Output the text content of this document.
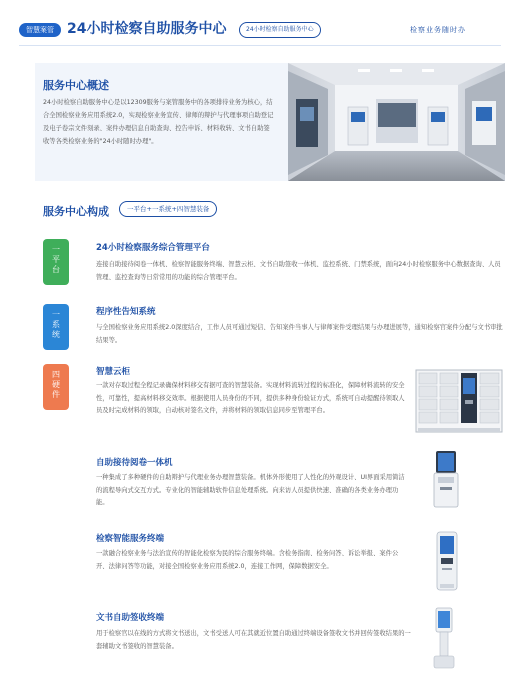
智慧案管 24小时检察自助服务中心	24小时检察自助服务中心	检察业务随时办
服务中心概述
24小时检察自助服务中心是以12309服务与案管服务中的各项排待业务为核心，结合全国检察业务应用系统2.0，实现检察业务宣传、律师的辩护与代理事项自助登记及电子卷宗文件刻录、案件办理信息自助查询、控告申诉、材料收转、文书自助签收等各类检察业务的"24小时随时办理"。
服务中心构成	一平台+一系统+四智慧装备
一
平
台
一
系
统
四
硬
件
24小时检察服务综合管理平台
连接自助接待阅卷一体机、检察智能服务终端、智慧云柜、文书自助签收一体机、监控系统、门禁系统，面向24小时检察服务中心数据查询、人员管理、监控查询等日常常用的功能的综合管理平台。
程序性告知系统
与全国检察业务应用系统2.0深度结合，工作人员可通过短信、告知案件当事人与律师案件受理结果与办理进展等，通知检察官案件分配与文书审批结果等。
智慧云柜
一款对存取过程全程记录确保材料移交有据可查的智慧装备。实现材料流转过程的标准化，保障材料流转的安全性，可靠性，提高材料移交效率。根据使用人员身份的不同，提供多种身份验证方式，系统可自动提醒待领取人员及时完成材料的领取，自动核对签名文件，并将材料的领取信息同步至管理平台。
自助接待阅卷一体机
一种集成了多种硬件的自助辩护与代理业务办理智慧装备。机体外形使用了人性化的外观设计、UI界面采用简洁的流程导向式交互方式。专业化的智能辅助软件信息处理系统。向来访人员提供快速、准确的各类业务办理功能。
检察智能服务终端
一款融合检察业务与法治宣传的智能化检察为民的综合服务终端。含检务指南、检务问答、诉讼举报、案件公开、法律问答等功能，对接全国检察业务应用系统2.0，连接工作网，保障数据安全。
文书自助签收终端
用于检察官以在线的方式将文书送出，文书受送人可在其就近位置自助通过终端设备签收文书并回传签收结果的一套辅助文书签收的智慧装备。
